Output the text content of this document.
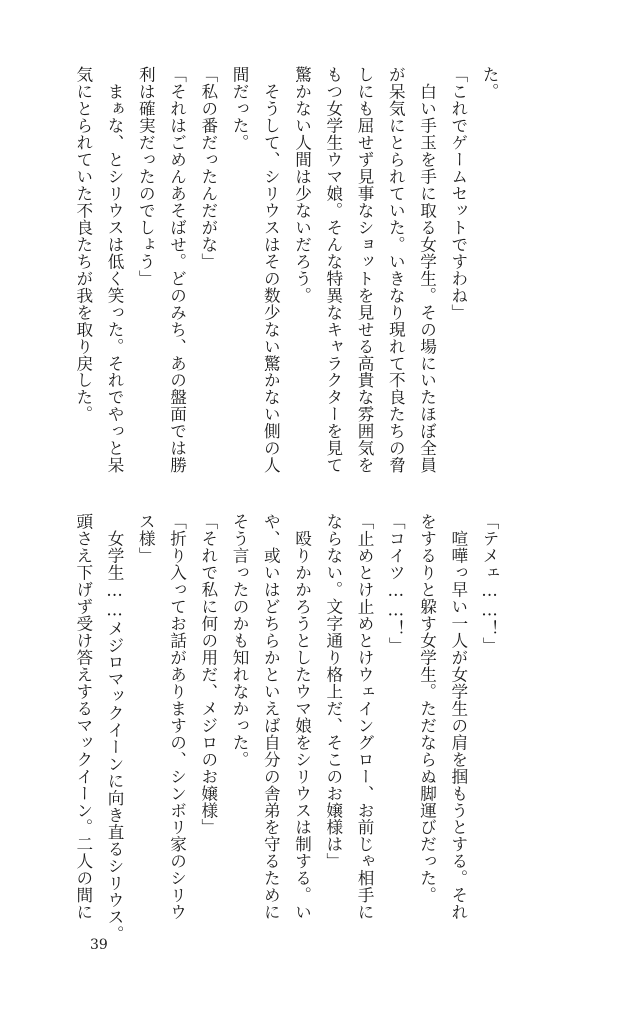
た。
「これでゲームセットですわね」
　白い手玉を手に取る女学生。その場にいたほぼ全員
が呆気にとられていた。いきなり現れて不良たちの脅
しにも屈せず見事なショットを見せる高貴な雰囲気を
もつ女学生ウマ娘。そんな特異なキャラクターを見て
驚かない人間は少ないだろう。
　そうして、シリウスはその数少ない驚かない側の人
間だった。
「私の番だったんだがな」
「それはごめんあそばせ。どのみち、あの盤面では勝
利は確実だったのでしょう」
　まぁな、とシリウスは低く笑った。それでやっと呆
気にとられていた不良たちが我を取り戻した。
「テメェ……！」
　喧嘩っ早い一人が女学生の肩を掴もうとする。それ
をするりと躱す女学生。ただならぬ脚運びだった。
「コイツ……！」
「止めとけ止めとけウェイングロー、お前じゃ相手に
ならない。文字通り格上だ、そこのお嬢様は」
　殴りかかろうとしたウマ娘をシリウスは制する。い
や、或いはどちらかといえば自分の舎弟を守るために
そう言ったのかも知れなかった。
「それで私に何の用だ、メジロのお嬢様」
「折り入ってお話がありますの、シンボリ家のシリウ
ス様」
　女学生……メジロマックイーンに向き直るシリウス。
頭さえ下げず受け答えするマックイーン。二人の間に
39
